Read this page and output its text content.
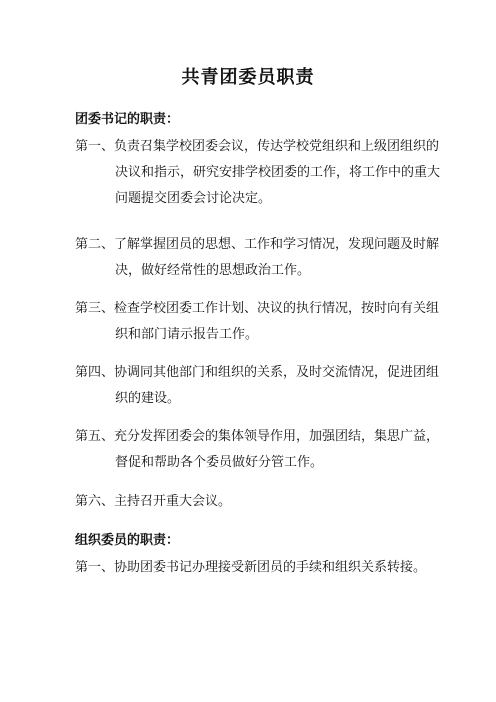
共青团委员职责
团委书记的职责：
第一、负责召集学校团委会议，传达学校党组织和上级团组织的
决议和指示，研究安排学校团委的工作，将工作中的重大
问题提交团委会讨论决定。
第二、了解掌握团员的思想、工作和学习情况，发现问题及时解
决，做好经常性的思想政治工作。
第三、检查学校团委工作计划、决议的执行情况，按时向有关组
织和部门请示报告工作。
第四、协调同其他部门和组织的关系，及时交流情况，促进团组
织的建设。
第五、充分发挥团委会的集体领导作用，加强团结，集思广益，
督促和帮助各个委员做好分管工作。
第六、主持召开重大会议。
组织委员的职责：
第一、协助团委书记办理接受新团员的手续和组织关系转接。
